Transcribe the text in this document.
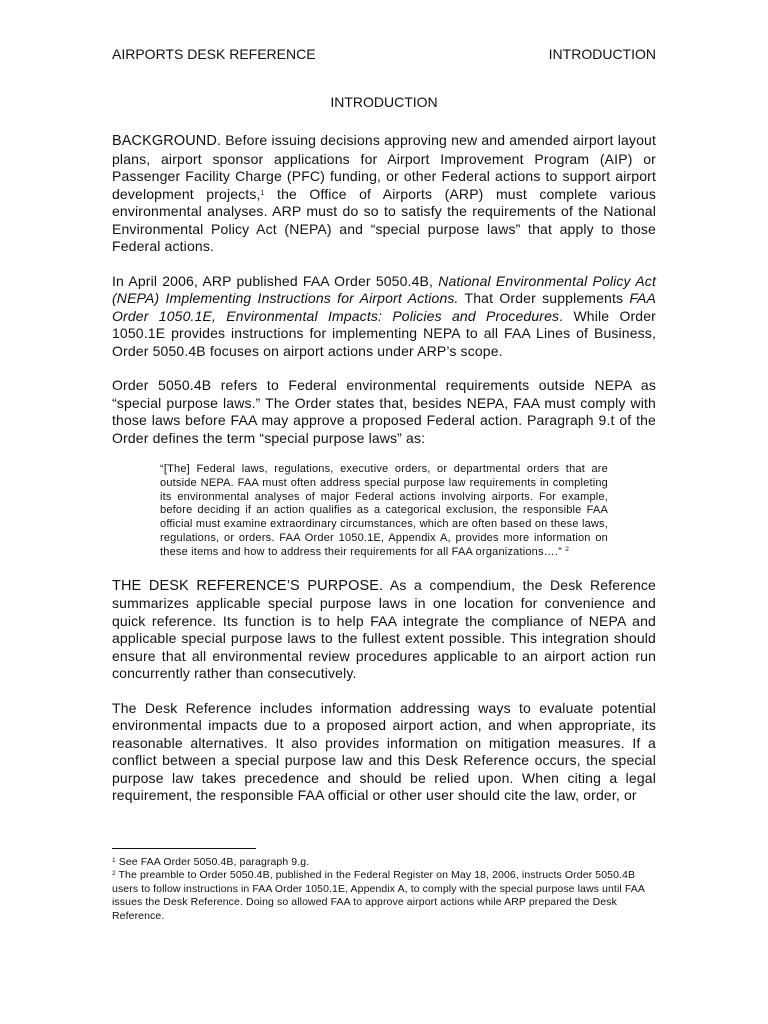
AIRPORTS DESK REFERENCE	INTRODUCTION
INTRODUCTION

BACKGROUND. Before issuing decisions approving new and amended airport layout plans, airport sponsor applications for Airport Improvement Program (AIP) or Passenger Facility Charge (PFC) funding, or other Federal actions to support airport development projects,$^1$ the Office of Airports (ARP) must complete various environmental analyses. ARP must do so to satisfy the requirements of the National Environmental Policy Act (NEPA) and “special purpose laws” that apply to those Federal actions.

In April 2006, ARP published FAA Order 5050.4B, National Environmental Policy Act (NEPA) Implementing Instructions for Airport Actions. That Order supplements FAA Order 1050.1E, Environmental Impacts: Policies and Procedures. While Order 1050.1E provides instructions for implementing NEPA to all FAA Lines of Business, Order 5050.4B focuses on airport actions under ARP’s scope.

Order 5050.4B refers to Federal environmental requirements outside NEPA as “special purpose laws.” The Order states that, besides NEPA, FAA must comply with those laws before FAA may approve a proposed Federal action. Paragraph 9.t of the Order defines the term “special purpose laws” as:

“[The] Federal laws, regulations, executive orders, or departmental orders that are outside NEPA. FAA must often address special purpose law requirements in completing its environmental analyses of major Federal actions involving airports. For example, before deciding if an action qualifies as a categorical exclusion, the responsible FAA official must examine extraordinary circumstances, which are often based on these laws, regulations, or orders. FAA Order 1050.1E, Appendix A, provides more information on these items and how to address their requirements for all FAA organizations….” $^2$

THE DESK REFERENCE’S PURPOSE. As a compendium, the Desk Reference summarizes applicable special purpose laws in one location for convenience and quick reference. Its function is to help FAA integrate the compliance of NEPA and applicable special purpose laws to the fullest extent possible. This integration should ensure that all environmental review procedures applicable to an airport action run concurrently rather than consecutively.

The Desk Reference includes information addressing ways to evaluate potential environmental impacts due to a proposed airport action, and when appropriate, its reasonable alternatives. It also provides information on mitigation measures. If a conflict between a special purpose law and this Desk Reference occurs, the special purpose law takes precedence and should be relied upon. When citing a legal requirement, the responsible FAA official or other user should cite the law, order, or

$^1$ See FAA Order 5050.4B, paragraph 9.g.

$^2$ The preamble to Order 5050.4B, published in the Federal Register on May 18, 2006, instructs Order 5050.4B users to follow instructions in FAA Order 1050.1E, Appendix A, to comply with the special purpose laws until FAA issues the Desk Reference. Doing so allowed FAA to approve airport actions while ARP prepared the Desk Reference.
